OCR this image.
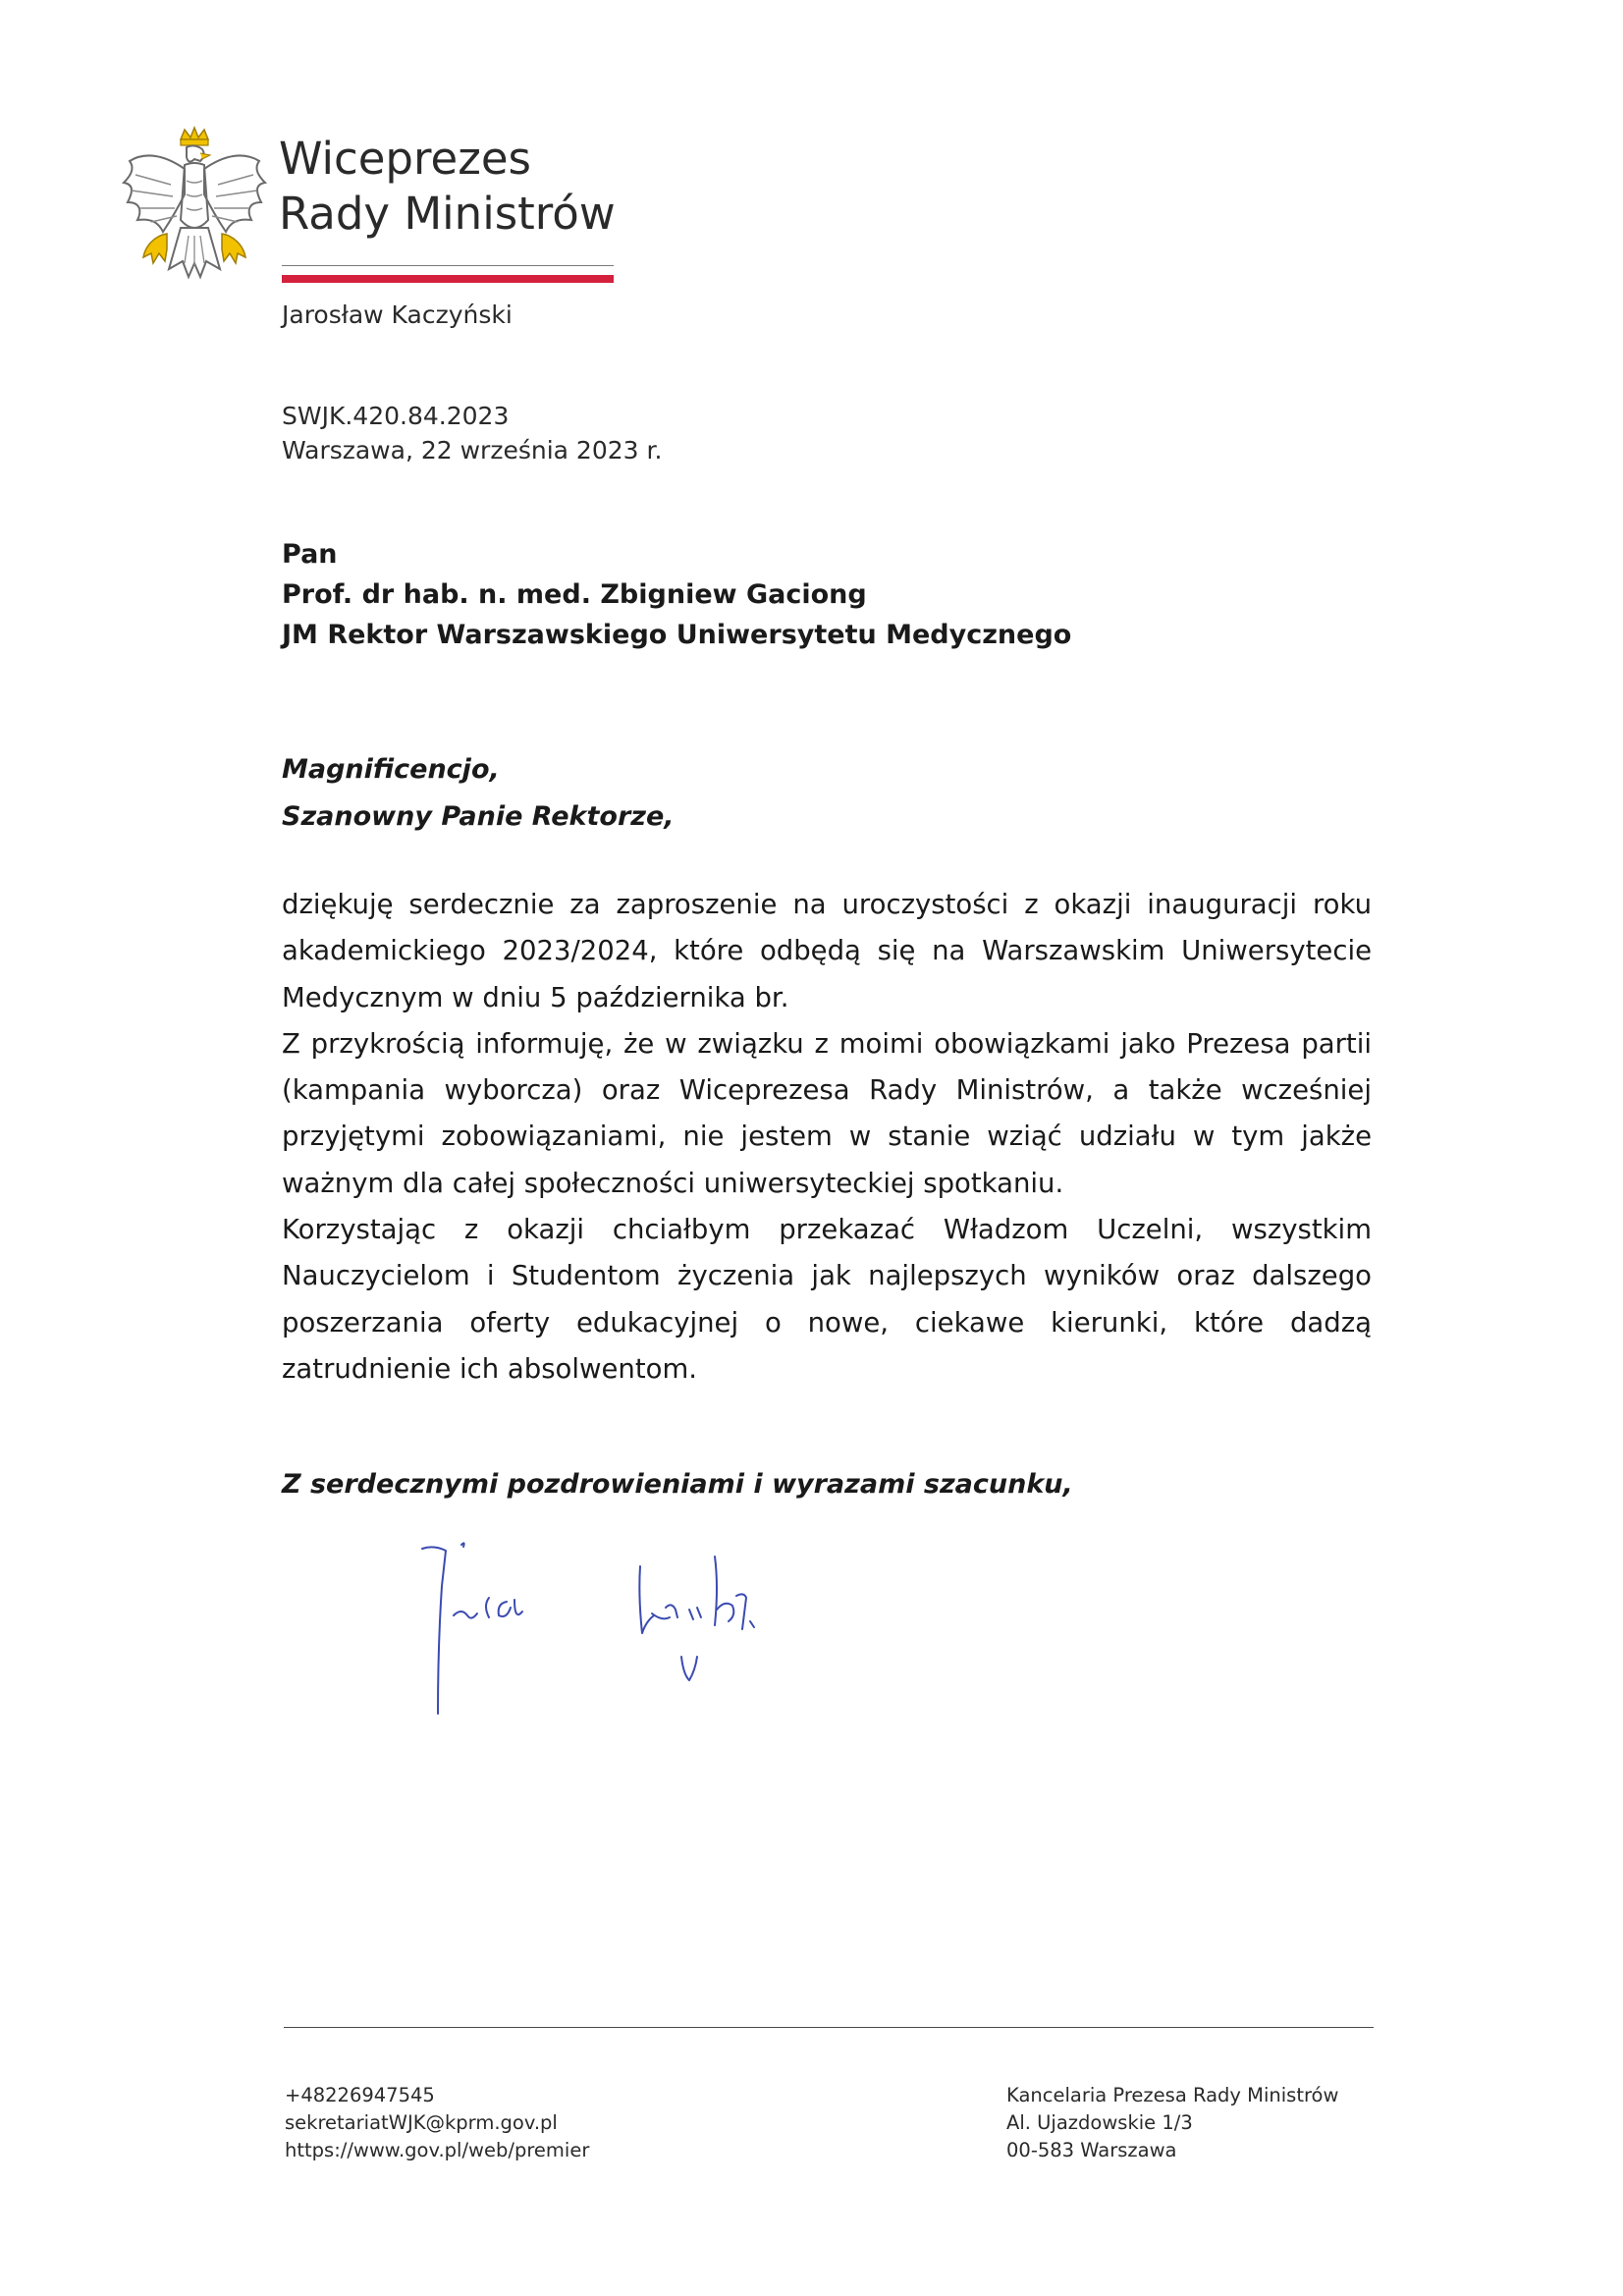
Wiceprezes
Rady Ministrów
Jarosław Kaczyński
SWJK.420.84.2023
Warszawa, 22 września 2023 r.
Pan
Prof. dr hab. n. med. Zbigniew Gaciong
JM Rektor Warszawskiego Uniwersytetu Medycznego
Magnificencjo,
Szanowny Panie Rektorze,

dziękuję serdecznie za zaproszenie na uroczystości z okazji inauguracji roku akademickiego 2023/2024, które odbędą się na Warszawskim Uniwersytecie Medycznym w dniu 5 października br.

Z przykrością informuję, że w związku z moimi obowiązkami jako Prezesa partii (kampania wyborcza) oraz Wiceprezesa Rady Ministrów, a także wcześniej przyjętymi zobowiązaniami, nie jestem w stanie wziąć udziału w tym jakże ważnym dla całej społeczności uniwersyteckiej spotkaniu.

Korzystając z okazji chciałbym przekazać Władzom Uczelni, wszystkim Nauczycielom i Studentom życzenia jak najlepszych wyników oraz dalszego poszerzania oferty edukacyjnej o nowe, ciekawe kierunki, które dadzą zatrudnienie ich absolwentom.

Z serdecznymi pozdrowieniami i wyrazami szacunku,
+48226947545
sekretariatWJK@kprm.gov.pl
https://www.gov.pl/web/premier
Kancelaria Prezesa Rady Ministrów
Al. Ujazdowskie 1/3
00-583 Warszawa
